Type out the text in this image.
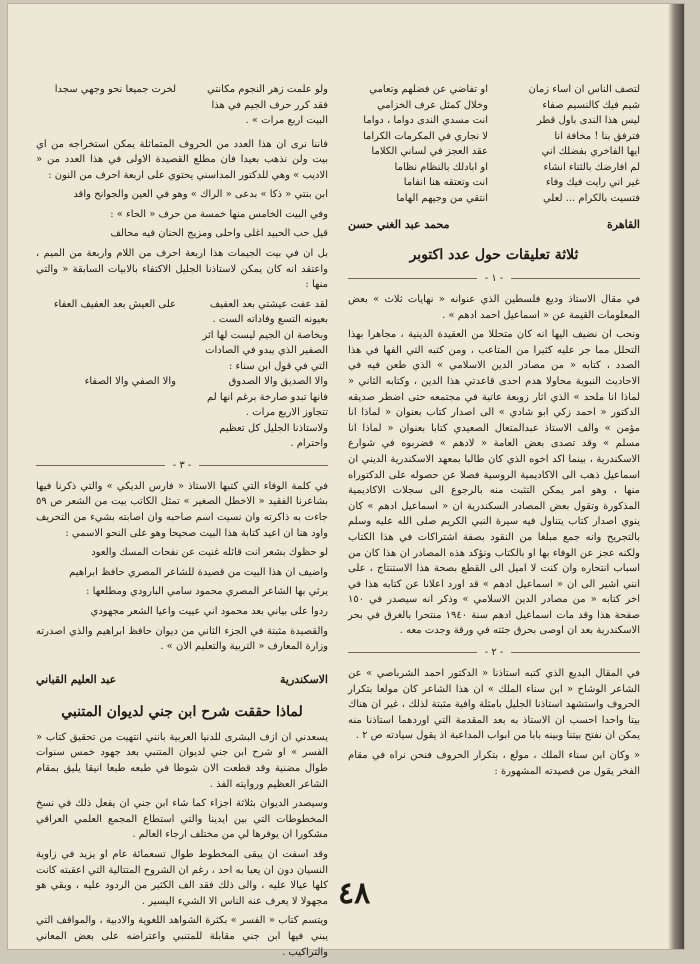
لتصف الناس ان اساء زمان
او تفاضي عن فضلهم وتعامي
شيم فيك كالنسيم صفاء
وخلال كمثل عرف الخزامي
ليس هذا الندى باول قطر
انت مسدي الندى دواما ، دواما
فترفق بنا ! مخافة انا
لا نجاري في المكرمات الكراما
ايها الفاخري بفضلك اني
عقد العجز في لساني الكلاما
لم افارضك بالثناء انشاء
او ابادلك بالنظام نظاما
غير اني رايت فيك وفاء
انت وتعتقه هنا انفاما
فتسيت بالكرام ... لعلي
انتقي من وجيهم الهاما
القاهرة
محمد عبد الغني حسن
ثلاثة تعليقات حول عدد اكتوبر
- ١ -

في مقال الاستاذ وديع فلسطين الذي عنوانه « نهايات ثلاث » بعض المعلومات القيمة عن « اسماعيل احمد ادهم » .

ونحب ان نضيف اليها انه كان متحللا من العقيدة الدينية ، مجاهرا بهذا التحلل مما جر عليه كثيرا من المتاعب ، ومن كتبه التي الفها في هذا الصدد ، كتابه « من مصادر الدين الاسلامي » الذي طعن فيه في الاحاديث النبوية محاولا هدم احدى قاعدتي هذا الدين ، وكتابه الثاني « لماذا انا ملحد » الذي اثار زوبعة عاتية في مجتمعه حتى اضطر صديقه الدكتور « احمد زكي ابو شادي » الى اصدار كتاب بعنوان « لماذا انا مؤمن » والف الاستاذ عبدالمتعال الصعيدي كتابا بعنوان « لماذا انا مسلم » وقد تصدى بعض العامة « لادهم » فضربوه في شوارع الاسكندرية ، بينما اكد اخوه الذي كان طالبا بمعهد الاسكندرية الديني ان اسماعيل ذهب الى الاكاديمية الروسية فصلا عن حصوله على الدكتوراه منها ، وهو امر يمكن التثبت منه بالرجوع الى سجلات الاكاديمية المذكورة وتقول بعض المصادر السكندرية ان « اسماعيل ادهم » كان ينوي اصدار كتاب يتناول فيه سيرة النبي الكريم صلى الله عليه وسلم بالتجريح وانه جمع مبلغا من النقود بصفة اشتراكات في هذا الكتاب ولكنه عجز عن الوفاء بها او بالكتاب ونؤكد هذه المصادر ان هذا كان من اسباب انتحاره وان كنت لا اميل الى القطع بصحة هذا الاستنتاج ، على انني اشير الى ان « اسماعيل ادهم » قد اورد اعلانا عن كتابه هذا في اخر كتابه « من مصادر الدين الاسلامي » وذكر انه سيصدر في ١٥٠ صفحة هذا وقد مات اسماعيل ادهم سنة ١٩٤٠ منتحرا بالغرق في بحر الاسكندرية بعد ان اوصى بحرق جثته في ورقة وجدت معه .

- ٢ -

في المقال البديع الذي كتبه استاذنا « الدكتور احمد الشرباصي » عن الشاعر الوشاح « ابن سناء الملك » ان هذا الشاعر كان مولعا بتكرار الحروف واستشهد استاذنا الجليل بامثلة وافية مثبتة لذلك ، غير ان هناك بيتا واحدا احسب ان الاستاذ به بعد المقدمة التي اوردهما استاذنا منه يمكن ان نفتح بيتنا وبينه بابا من ابواب المداعبة اذ يقول سيادته ص ٢ .

« وكان ابن سناء الملك ، مولع ، بتكرار الحروف فنحن نراه في مقام الفخر يقول من قصيدته المشهورة :

ولو علمت زهر النجوم مكانتي
لخرت جميعا نحو وجهي سجدا
فقد كرر حرف الجيم في هذا البيت اربع مرات » .

فاننا نرى ان هذا العدد من الحروف المتماثلة يمكن استخراجه من اي بيت ولن نذهب بعيدا فان مطلع القصيدة الاولى في هذا العدد من « الاديب » وهي للدكتور المداسني يحتوي على اربعة احرف من النون :

ابن بنتي « ذكا » بدعى « الراك » وهو في العين والجوانح واقد

وفي البيت الخامس منها خمسة من حرف « الحاء » :

قيل حب الحبيد اغلى واحلى ومزيج الحنان فيه محالف

بل ان في بيت الجيمات هذا اربعة احرف من اللام واربعة من الميم ، واعتقد انه كان يمكن لاستاذنا الجليل الاكتفاء بالابيات السابقة « والتي منها :

لقد عفت عيشتي بعد العفيف
على العيش بعد العفيف العفاء
بعيونه التسع وفاداته الست .
وبخاصة ان الجيم ليست لها اثر الصفير الذي يبدو في الصادات
التي في قول ابن سناء :
والا الصديق والا الصدوق
والا الصفي والا الصفاء
فانها تبدو صارخة برغم انها لم تتجاوز الاربع مرات .
ولاستاذنا الجليل كل تعظيم واحترام .
- ٣ -

في كلمة الوفاء التي كتبها الاستاذ « فارس الديكي » والتي ذكرنا فيها بشاعرنا الفقيد « الاخطل الصغير » تمثل الكاتب بيت من الشعر ص ٥٩ جاءت به ذاكرته وان نسيت اسم صاحبه وان اصابته بشيء من التحريف واود هنا ان اعيد كتابة هذا البيت صحيحا وهو على النحو الاسمي :

لو حظوك بشعر انت قائله غنيت عن نفحات المسك والعود

واضيف ان هذا البيت من قصيدة للشاعر المصري حافظ ابراهيم

يرثي بها الشاعر المصري محمود سامي البارودي ومطلعها :

ردوا على بياني بعد محمود اني عييت واعيا الشعر مجهودي

والقصيدة مثبتة في الجزء الثاني من ديوان حافظ ابراهيم والذي اصدرته وزارة المعارف « التربية والتعليم الان » .

الاسكندرية
عبد العليم القباني
لماذا حققت شرح ابن جني لديوان المتنبي

يسعدني ان ازف البشرى للدنيا العربية بانني انتهيت من تحقيق كتاب « الفسر » او شرح ابن جني لديوان المتنبي بعد جهود خمس سنوات طوال مضنية وقد قطعت الان شوطا في طبعه طبعا انيقا يليق بمقام الشاعر العظيم وروايته الفذ .

وسيصدر الديوان بثلاثة اجزاء كما شاء ابن جني ان يفعل ذلك في نسخ المخطوطات التي بين ايدينا والتي استطاع المجمع العلمي العراقي مشكورا ان يوفرها لي من مختلف ارجاء العالم .

وقد اسفت ان يبقى المخطوط طوال تسعمائة عام او يزيد في زاوية النسيان دون ان يعبا به احد ، رغم ان الشروح المتتالية التي اعقبته كانت كلها عيالا عليه ، والى ذلك فقد الف الكثير من الردود عليه ، وبقي هو مجهولا لا يعرف عنه الناس الا الشيء اليسير .

ويتسم كتاب « الفسر » بكثرة الشواهد اللغوية والادبية ، والمواقف التي يبني فيها ابن جني مقابلة للمتنبي واعتراضه على بعض المعاني والتراكيب .

٤٨
